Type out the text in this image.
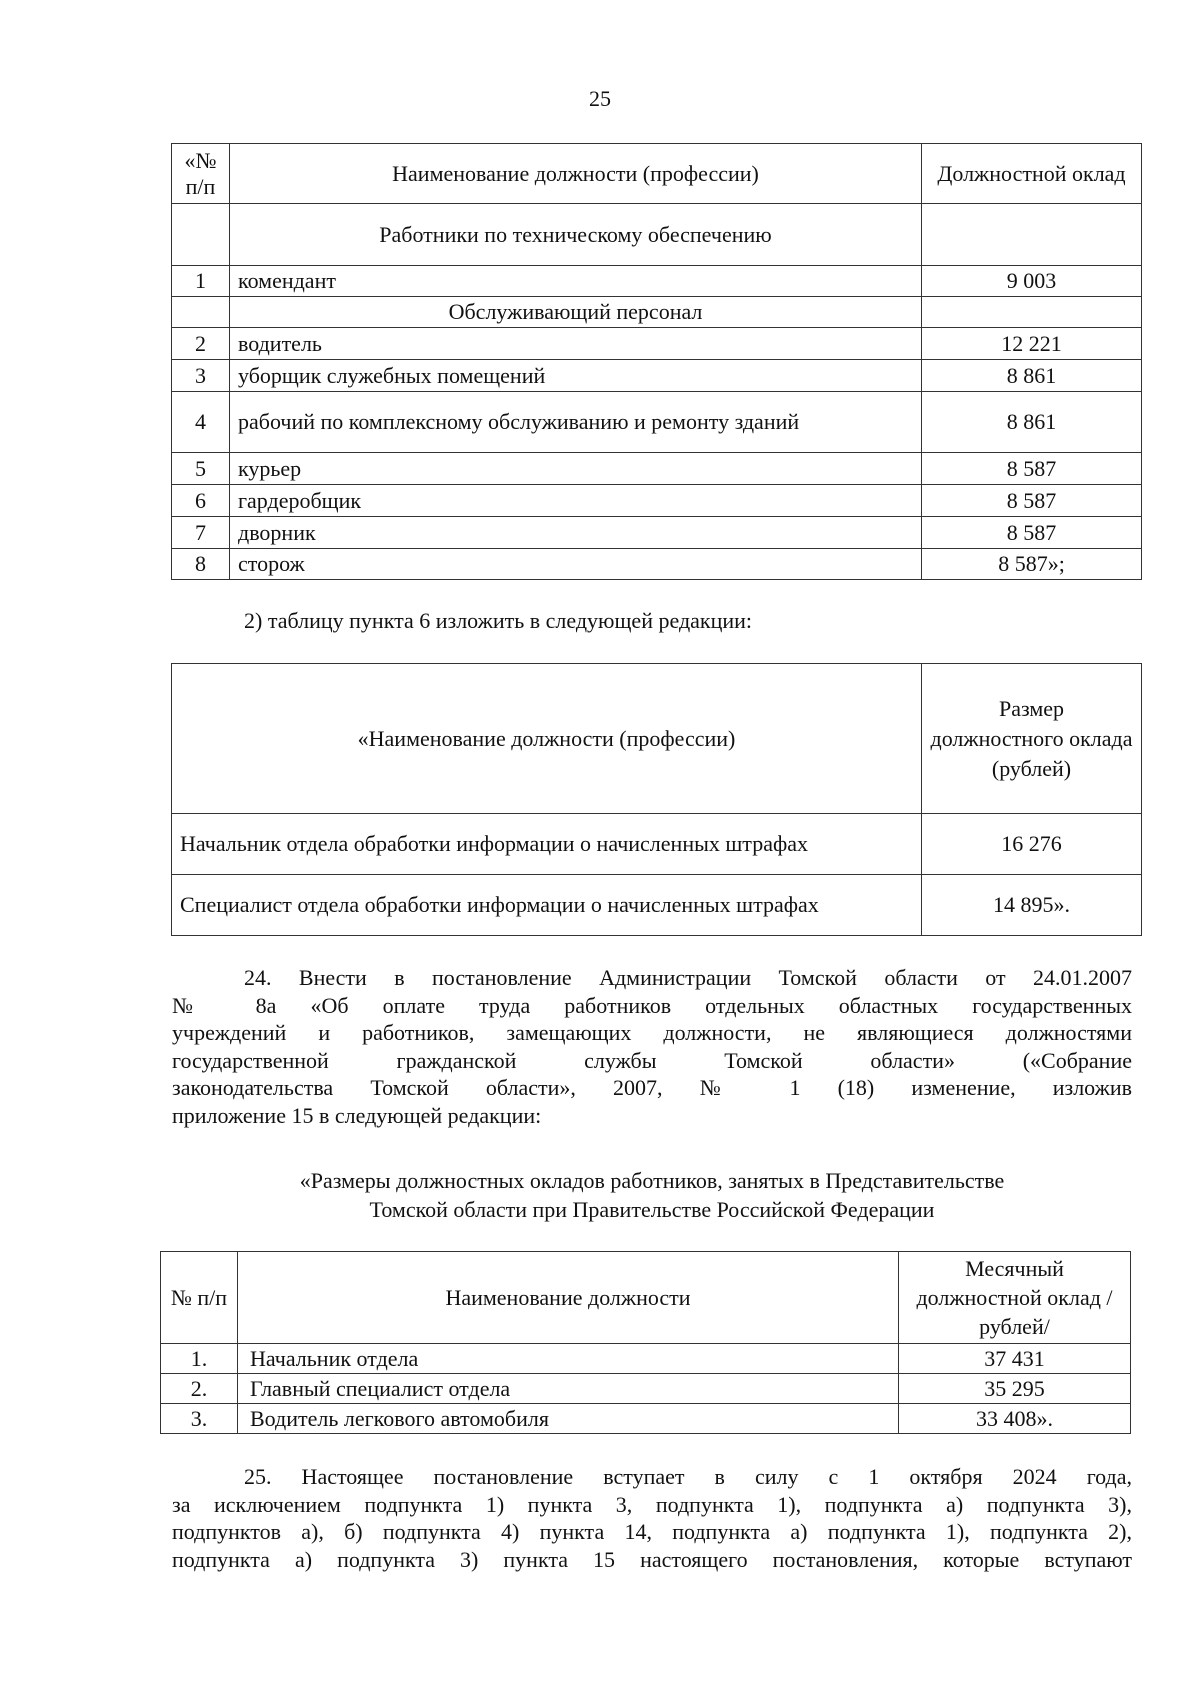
25
«№ п/п	Наименование должности (профессии)	Должностной оклад
	Работники по техническому обеспечению	
1	комендант	9 003
	Обслуживающий персонал	
2	водитель	12 221
3	уборщик служебных помещений	8 861
4	рабочий по комплексному обслуживанию и ремонту зданий	8 861
5	курьер	8 587
6	гардеробщик	8 587
7	дворник	8 587
8	сторож	8 587»;
2) таблицу пункта 6 изложить в следующей редакции:
«Наименование должности (профессии)	Размер должностного оклада (рублей)
Начальник отдела обработки информации о начисленных штрафах	16 276
Специалист отдела обработки информации о начисленных штрафах	14 895».
24. Внести в постановление Администрации Томской области от 24.01.2007
№ 8а «Об оплате труда работников отдельных областных государственных
учреждений и работников, замещающих должности, не являющиеся должностями
государственной гражданской службы Томской области» («Собрание
законодательства Томской области», 2007, № 1 (18) изменение, изложив
приложение 15 в следующей редакции:
«Размеры должностных окладов работников, занятых в Представительстве
Томской области при Правительстве Российской Федерации
№ п/п	Наименование должности	Месячный должностной оклад /рублей/
1.	Начальник отдела	37 431
2.	Главный специалист отдела	35 295
3.	Водитель легкового автомобиля	33 408».
25. Настоящее постановление вступает в силу с 1 октября 2024 года,
за исключением подпункта 1) пункта 3, подпункта 1), подпункта а) подпункта 3),
подпунктов а), б) подпункта 4) пункта 14, подпункта а) подпункта 1), подпункта 2),
подпункта а) подпункта 3) пункта 15 настоящего постановления, которые вступают
